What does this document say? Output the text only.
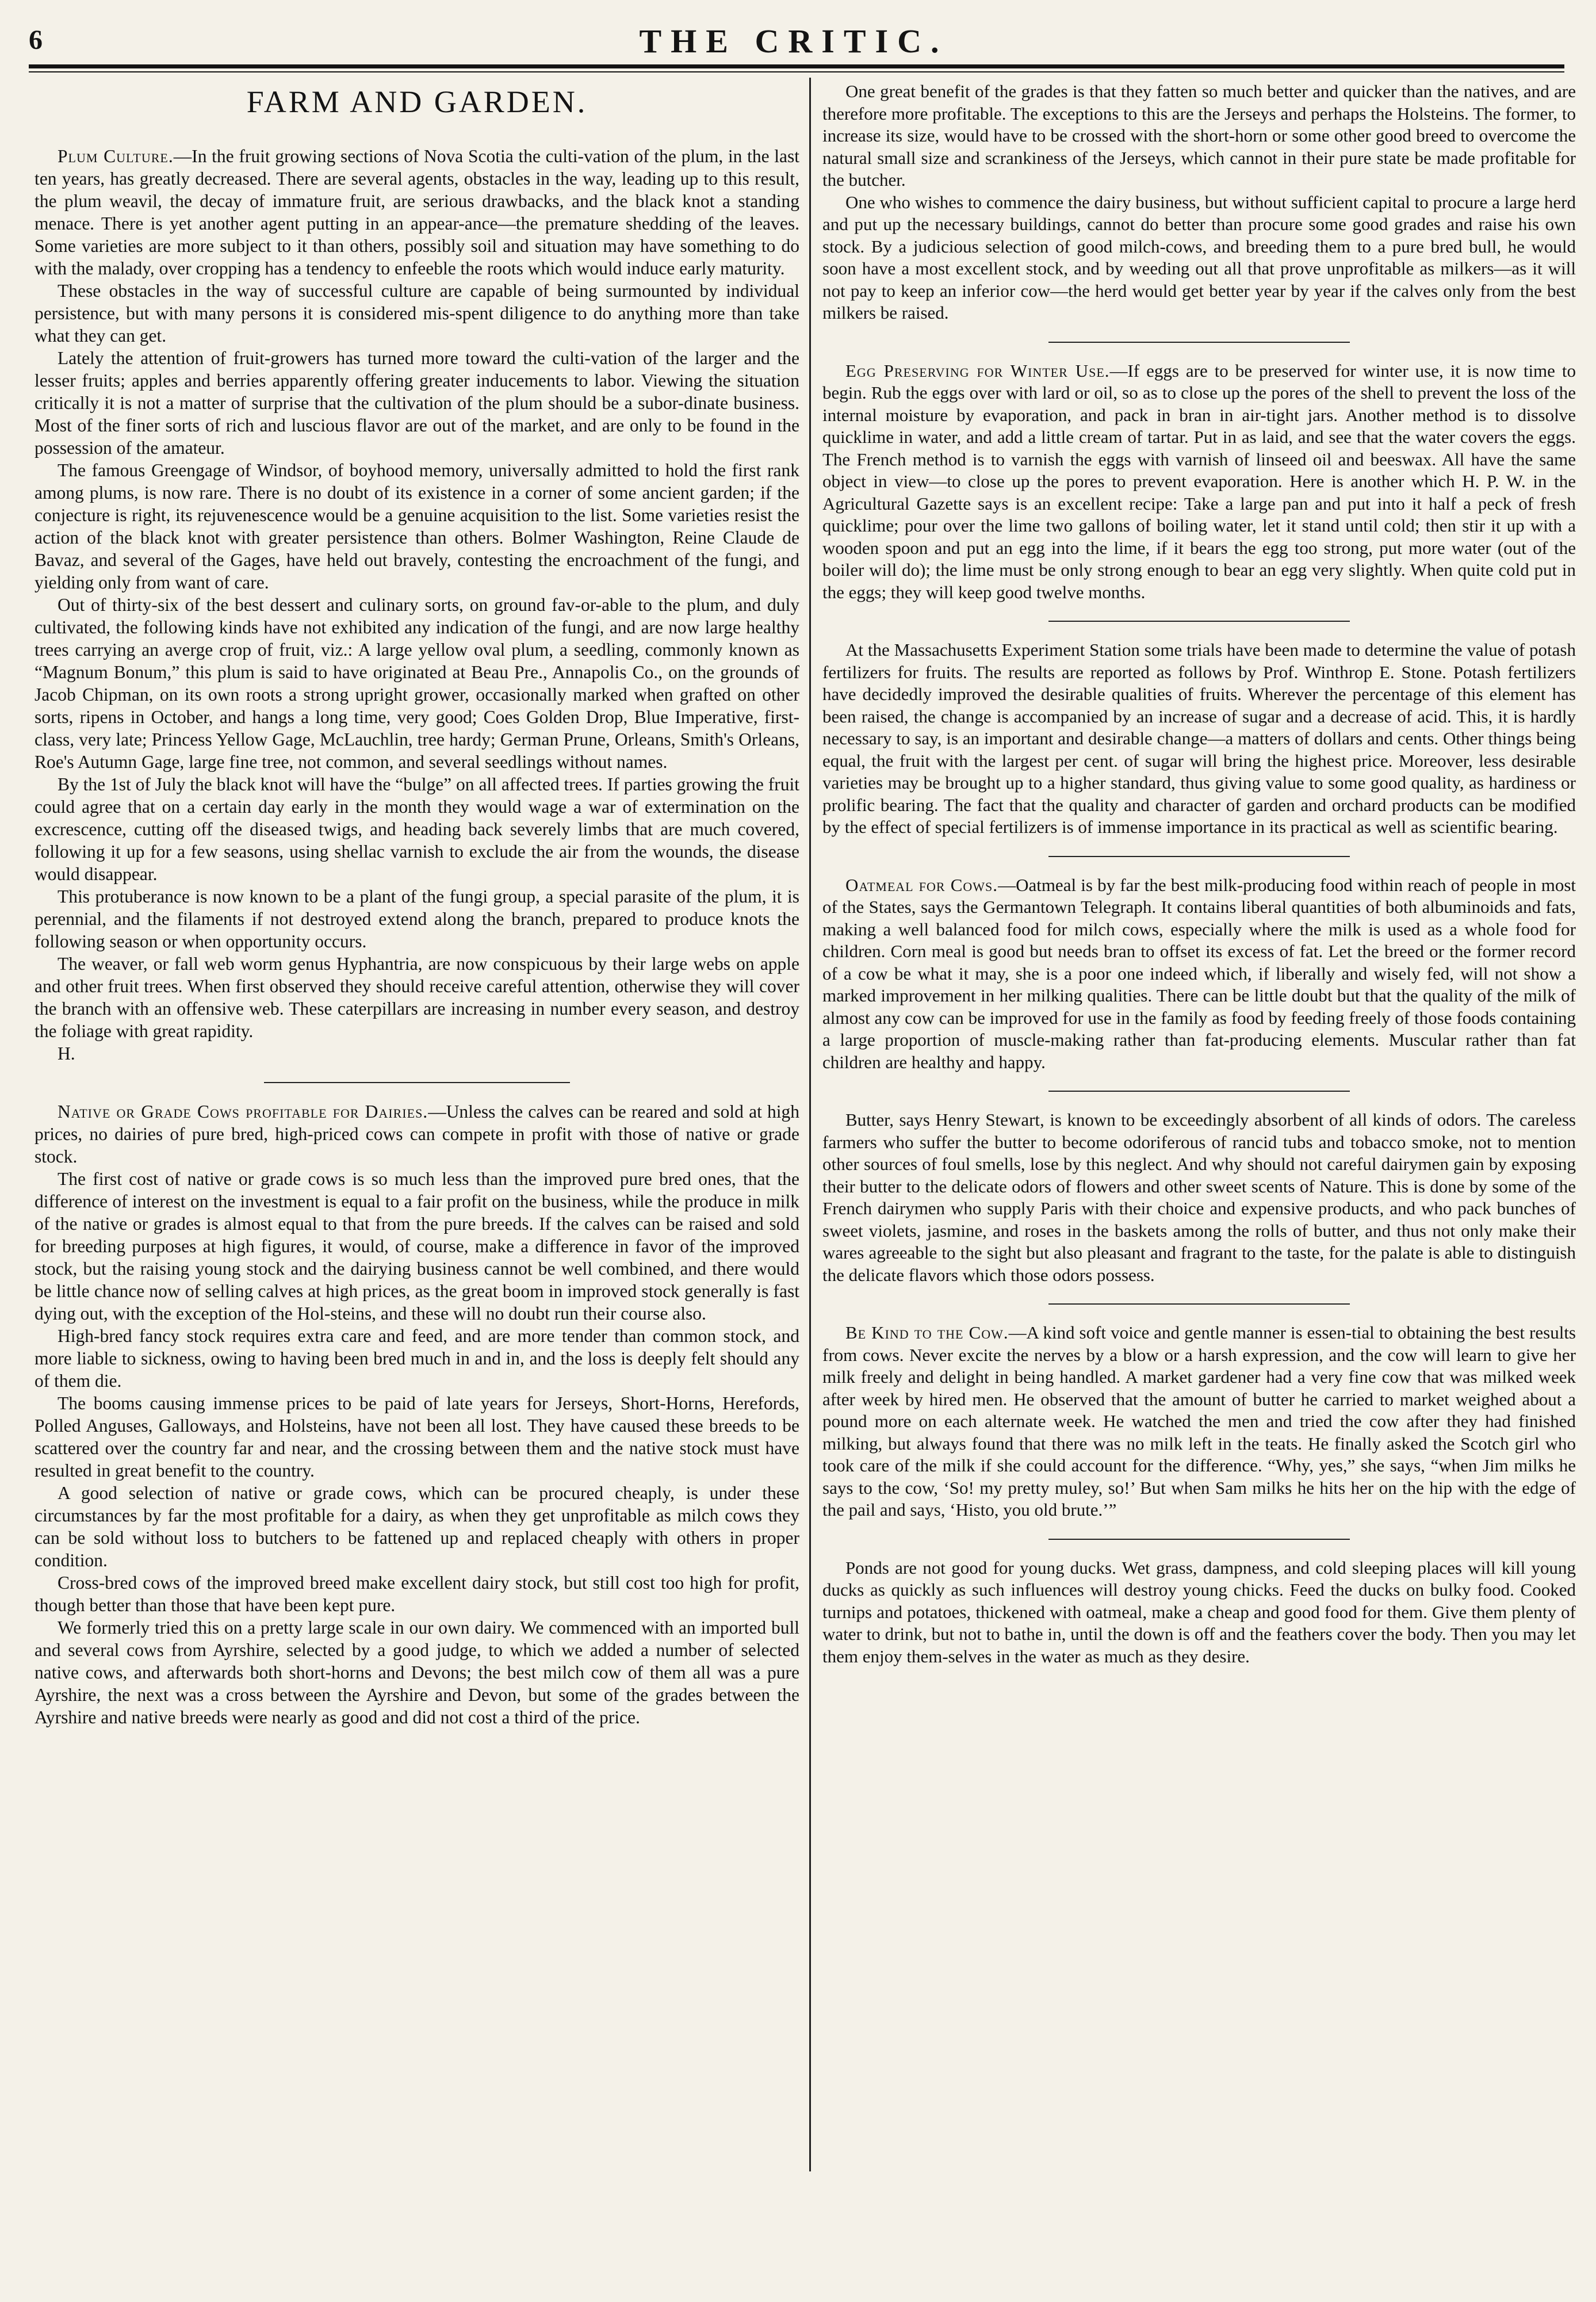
6	THE CRITIC.
FARM AND GARDEN.

Plum Culture.—In the fruit growing sections of Nova Scotia the culti-vation of the plum, in the last ten years, has greatly decreased. There are several agents, obstacles in the way, leading up to this result, the plum weavil, the decay of immature fruit, are serious drawbacks, and the black knot a standing menace. There is yet another agent putting in an appear-ance—the premature shedding of the leaves. Some varieties are more subject to it than others, possibly soil and situation may have something to do with the malady, over cropping has a tendency to enfeeble the roots which would induce early maturity.

These obstacles in the way of successful culture are capable of being surmounted by individual persistence, but with many persons it is considered mis-spent diligence to do anything more than take what they can get.

Lately the attention of fruit-growers has turned more toward the culti-vation of the larger and the lesser fruits; apples and berries apparently offering greater inducements to labor. Viewing the situation critically it is not a matter of surprise that the cultivation of the plum should be a subor-dinate business. Most of the finer sorts of rich and luscious flavor are out of the market, and are only to be found in the possession of the amateur.

The famous Greengage of Windsor, of boyhood memory, universally admitted to hold the first rank among plums, is now rare. There is no doubt of its existence in a corner of some ancient garden; if the conjecture is right, its rejuvenescence would be a genuine acquisition to the list. Some varieties resist the action of the black knot with greater persistence than others. Bolmer Washington, Reine Claude de Bavaz, and several of the Gages, have held out bravely, contesting the encroachment of the fungi, and yielding only from want of care.

Out of thirty-six of the best dessert and culinary sorts, on ground fav-or-able to the plum, and duly cultivated, the following kinds have not exhibited any indication of the fungi, and are now large healthy trees carrying an averge crop of fruit, viz.: A large yellow oval plum, a seedling, commonly known as “Magnum Bonum,” this plum is said to have originated at Beau Pre., Annapolis Co., on the grounds of Jacob Chipman, on its own roots a strong upright grower, occasionally marked when grafted on other sorts, ripens in October, and hangs a long time, very good; Coes Golden Drop, Blue Imperative, first-class, very late; Princess Yellow Gage, McLauchlin, tree hardy; German Prune, Orleans, Smith's Orleans, Roe's Autumn Gage, large fine tree, not common, and several seedlings without names.

By the 1st of July the black knot will have the “bulge” on all affected trees. If parties growing the fruit could agree that on a certain day early in the month they would wage a war of extermination on the excrescence, cutting off the diseased twigs, and heading back severely limbs that are much covered, following it up for a few seasons, using shellac varnish to exclude the air from the wounds, the disease would disappear.

This protuberance is now known to be a plant of the fungi group, a special parasite of the plum, it is perennial, and the filaments if not destroyed extend along the branch, prepared to produce knots the following season or when opportunity occurs.

The weaver, or fall web worm genus Hyphantria, are now conspicuous by their large webs on apple and other fruit trees. When first observed they should receive careful attention, otherwise they will cover the branch with an offensive web. These caterpillars are increasing in number every season, and destroy the foliage with great rapidity.

H.

Native or Grade Cows profitable for Dairies.—Unless the calves can be reared and sold at high prices, no dairies of pure bred, high-priced cows can compete in profit with those of native or grade stock.

The first cost of native or grade cows is so much less than the improved pure bred ones, that the difference of interest on the investment is equal to a fair profit on the business, while the produce in milk of the native or grades is almost equal to that from the pure breeds. If the calves can be raised and sold for breeding purposes at high figures, it would, of course, make a difference in favor of the improved stock, but the raising young stock and the dairying business cannot be well combined, and there would be little chance now of selling calves at high prices, as the great boom in improved stock generally is fast dying out, with the exception of the Hol-steins, and these will no doubt run their course also.

High-bred fancy stock requires extra care and feed, and are more tender than common stock, and more liable to sickness, owing to having been bred much in and in, and the loss is deeply felt should any of them die.

The booms causing immense prices to be paid of late years for Jerseys, Short-Horns, Herefords, Polled Anguses, Galloways, and Holsteins, have not been all lost. They have caused these breeds to be scattered over the country far and near, and the crossing between them and the native stock must have resulted in great benefit to the country.

A good selection of native or grade cows, which can be procured cheaply, is under these circumstances by far the most profitable for a dairy, as when they get unprofitable as milch cows they can be sold without loss to butchers to be fattened up and replaced cheaply with others in proper condition.

Cross-bred cows of the improved breed make excellent dairy stock, but still cost too high for profit, though better than those that have been kept pure.

We formerly tried this on a pretty large scale in our own dairy. We commenced with an imported bull and several cows from Ayrshire, selected by a good judge, to which we added a number of selected native cows, and afterwards both short-horns and Devons; the best milch cow of them all was a pure Ayrshire, the next was a cross between the Ayrshire and Devon, but some of the grades between the Ayrshire and native breeds were nearly as good and did not cost a third of the price.

One great benefit of the grades is that they fatten so much better and quicker than the natives, and are therefore more profitable. The exceptions to this are the Jerseys and perhaps the Holsteins. The former, to increase its size, would have to be crossed with the short-horn or some other good breed to overcome the natural small size and scrankiness of the Jerseys, which cannot in their pure state be made profitable for the butcher.

One who wishes to commence the dairy business, but without sufficient capital to procure a large herd and put up the necessary buildings, cannot do better than procure some good grades and raise his own stock. By a judicious selection of good milch-cows, and breeding them to a pure bred bull, he would soon have a most excellent stock, and by weeding out all that prove unprofitable as milkers—as it will not pay to keep an inferior cow—the herd would get better year by year if the calves only from the best milkers be raised.

Egg Preserving for Winter Use.—If eggs are to be preserved for winter use, it is now time to begin. Rub the eggs over with lard or oil, so as to close up the pores of the shell to prevent the loss of the internal moisture by evaporation, and pack in bran in air-tight jars. Another method is to dissolve quicklime in water, and add a little cream of tartar. Put in as laid, and see that the water covers the eggs. The French method is to varnish the eggs with varnish of linseed oil and beeswax. All have the same object in view—to close up the pores to prevent evaporation. Here is another which H. P. W. in the Agricultural Gazette says is an excellent recipe: Take a large pan and put into it half a peck of fresh quicklime; pour over the lime two gallons of boiling water, let it stand until cold; then stir it up with a wooden spoon and put an egg into the lime, if it bears the egg too strong, put more water (out of the boiler will do); the lime must be only strong enough to bear an egg very slightly. When quite cold put in the eggs; they will keep good twelve months.

At the Massachusetts Experiment Station some trials have been made to determine the value of potash fertilizers for fruits. The results are reported as follows by Prof. Winthrop E. Stone. Potash fertilizers have decidedly improved the desirable qualities of fruits. Wherever the percentage of this element has been raised, the change is accompanied by an increase of sugar and a decrease of acid. This, it is hardly necessary to say, is an important and desirable change—a matters of dollars and cents. Other things being equal, the fruit with the largest per cent. of sugar will bring the highest price. Moreover, less desirable varieties may be brought up to a higher standard, thus giving value to some good quality, as hardiness or prolific bearing. The fact that the quality and character of garden and orchard products can be modified by the effect of special fertilizers is of immense importance in its practical as well as scientific bearing.

Oatmeal for Cows.—Oatmeal is by far the best milk-producing food within reach of people in most of the States, says the Germantown Telegraph. It contains liberal quantities of both albuminoids and fats, making a well balanced food for milch cows, especially where the milk is used as a whole food for children. Corn meal is good but needs bran to offset its excess of fat. Let the breed or the former record of a cow be what it may, she is a poor one indeed which, if liberally and wisely fed, will not show a marked improvement in her milking qualities. There can be little doubt but that the quality of the milk of almost any cow can be improved for use in the family as food by feeding freely of those foods containing a large proportion of muscle-making rather than fat-producing elements. Muscular rather than fat children are healthy and happy.

Butter, says Henry Stewart, is known to be exceedingly absorbent of all kinds of odors. The careless farmers who suffer the butter to become odoriferous of rancid tubs and tobacco smoke, not to mention other sources of foul smells, lose by this neglect. And why should not careful dairymen gain by exposing their butter to the delicate odors of flowers and other sweet scents of Nature. This is done by some of the French dairymen who supply Paris with their choice and expensive products, and who pack bunches of sweet violets, jasmine, and roses in the baskets among the rolls of butter, and thus not only make their wares agreeable to the sight but also pleasant and fragrant to the taste, for the palate is able to distinguish the delicate flavors which those odors possess.

Be Kind to the Cow.—A kind soft voice and gentle manner is essen-tial to obtaining the best results from cows. Never excite the nerves by a blow or a harsh expression, and the cow will learn to give her milk freely and delight in being handled. A market gardener had a very fine cow that was milked week after week by hired men. He observed that the amount of butter he carried to market weighed about a pound more on each alternate week. He watched the men and tried the cow after they had finished milking, but always found that there was no milk left in the teats. He finally asked the Scotch girl who took care of the milk if she could account for the difference. “Why, yes,” she says, “when Jim milks he says to the cow, ‘So! my pretty muley, so!’ But when Sam milks he hits her on the hip with the edge of the pail and says, ‘Histo, you old brute.’”

Ponds are not good for young ducks. Wet grass, dampness, and cold sleeping places will kill young ducks as quickly as such influences will destroy young chicks. Feed the ducks on bulky food. Cooked turnips and potatoes, thickened with oatmeal, make a cheap and good food for them. Give them plenty of water to drink, but not to bathe in, until the down is off and the feathers cover the body. Then you may let them enjoy them-selves in the water as much as they desire.
